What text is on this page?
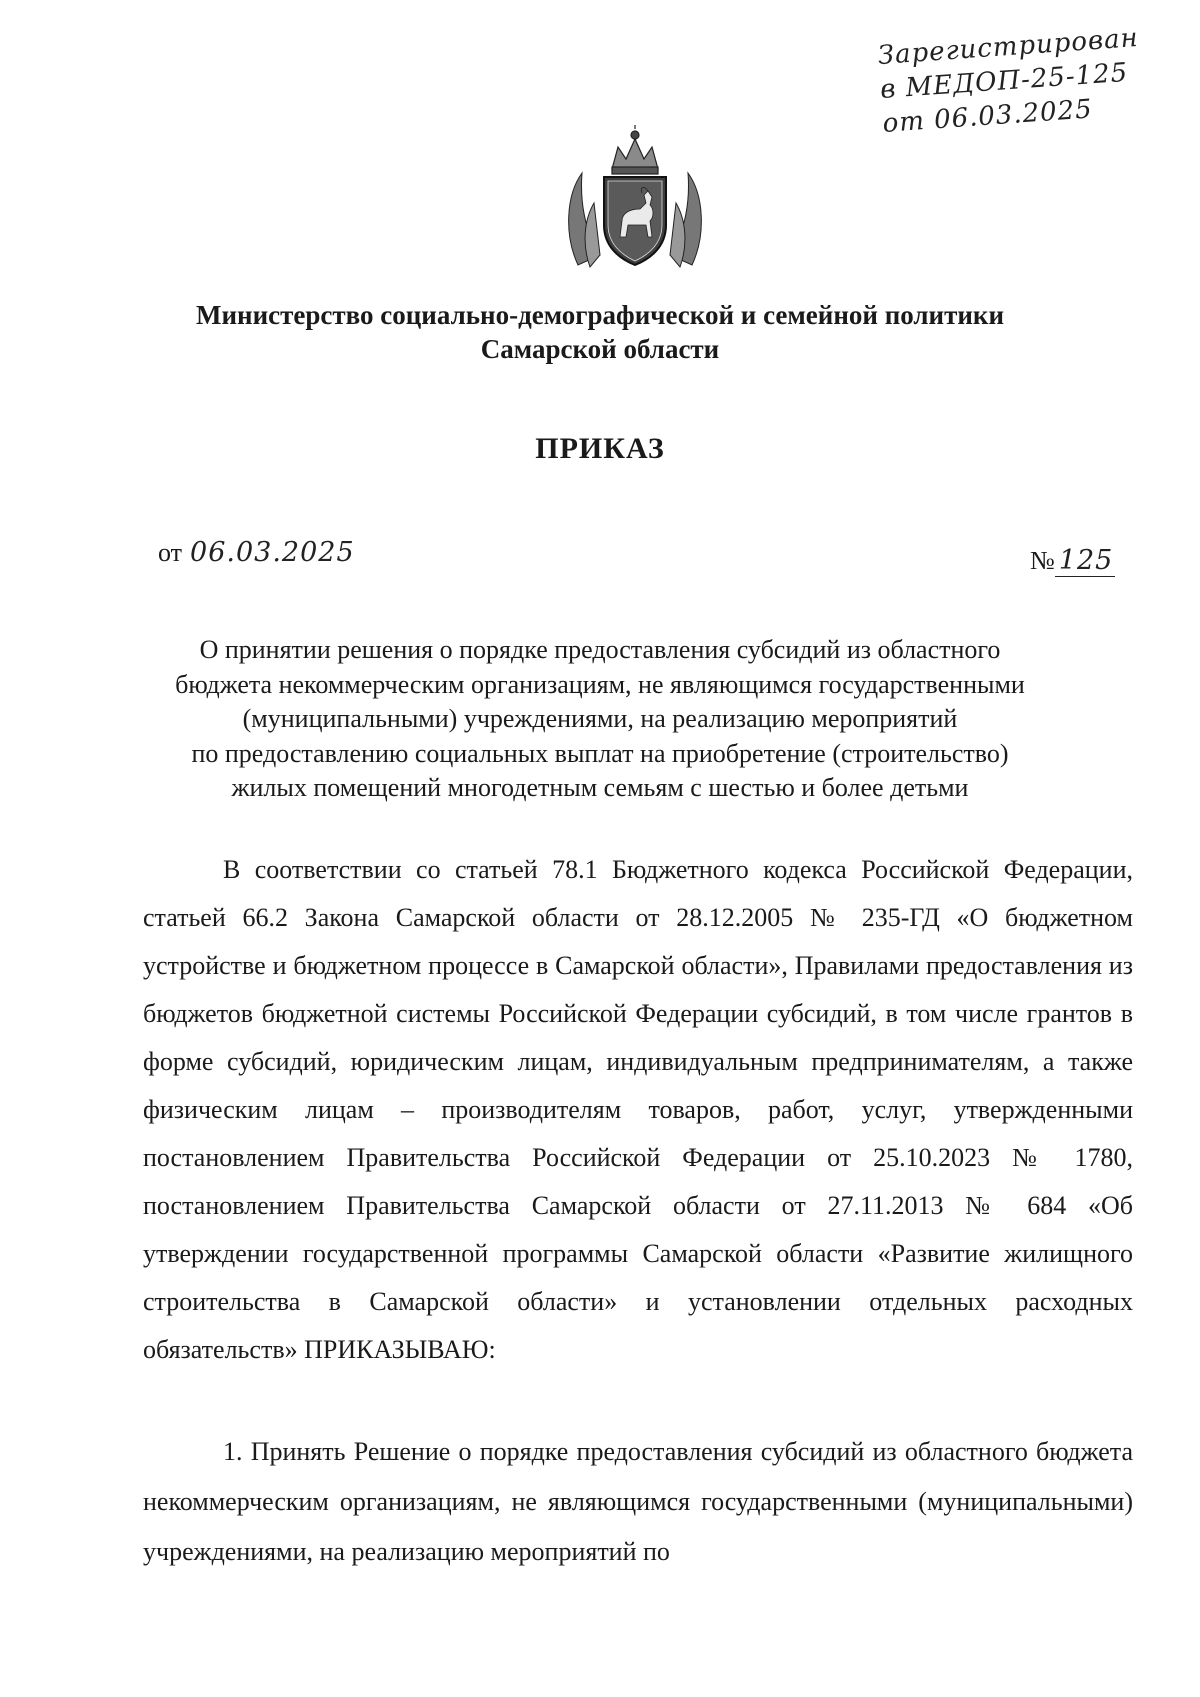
Зарегистрирован
в МЕДОП-25-125
от 06.03.2025
Министерство социально-демографической и семейной политики
Самарской области
ПРИКАЗ
от 06.03.2025	№ 125
О принятии решения о порядке предоставления субсидий из областного
бюджета некоммерческим организациям, не являющимся государственными
(муниципальными) учреждениями, на реализацию мероприятий
по предоставлению социальных выплат на приобретение (строительство)
жилых помещений многодетным семьям с шестью и более детьми

В соответствии со статьей 78.1 Бюджетного кодекса Российской Федерации, статьей 66.2 Закона Самарской области от 28.12.2005 № 235-ГД «О бюджетном устройстве и бюджетном процессе в Самарской области», Правилами предоставления из бюджетов бюджетной системы Российской Федерации субсидий, в том числе грантов в форме субсидий, юридическим лицам, индивидуальным предпринимателям, а также физическим лицам – производителям товаров, работ, услуг, утвержденными постановлением Правительства Российской Федерации от 25.10.2023 № 1780, постановлением Правительства Самарской области от 27.11.2013 № 684 «Об утверждении государственной программы Самарской области «Развитие жилищного строительства в Самарской области» и установлении отдельных расходных обязательств» ПРИКАЗЫВАЮ:

1. Принять Решение о порядке предоставления субсидий из областного бюджета некоммерческим организациям, не являющимся государственными (муниципальными) учреждениями, на реализацию мероприятий по
